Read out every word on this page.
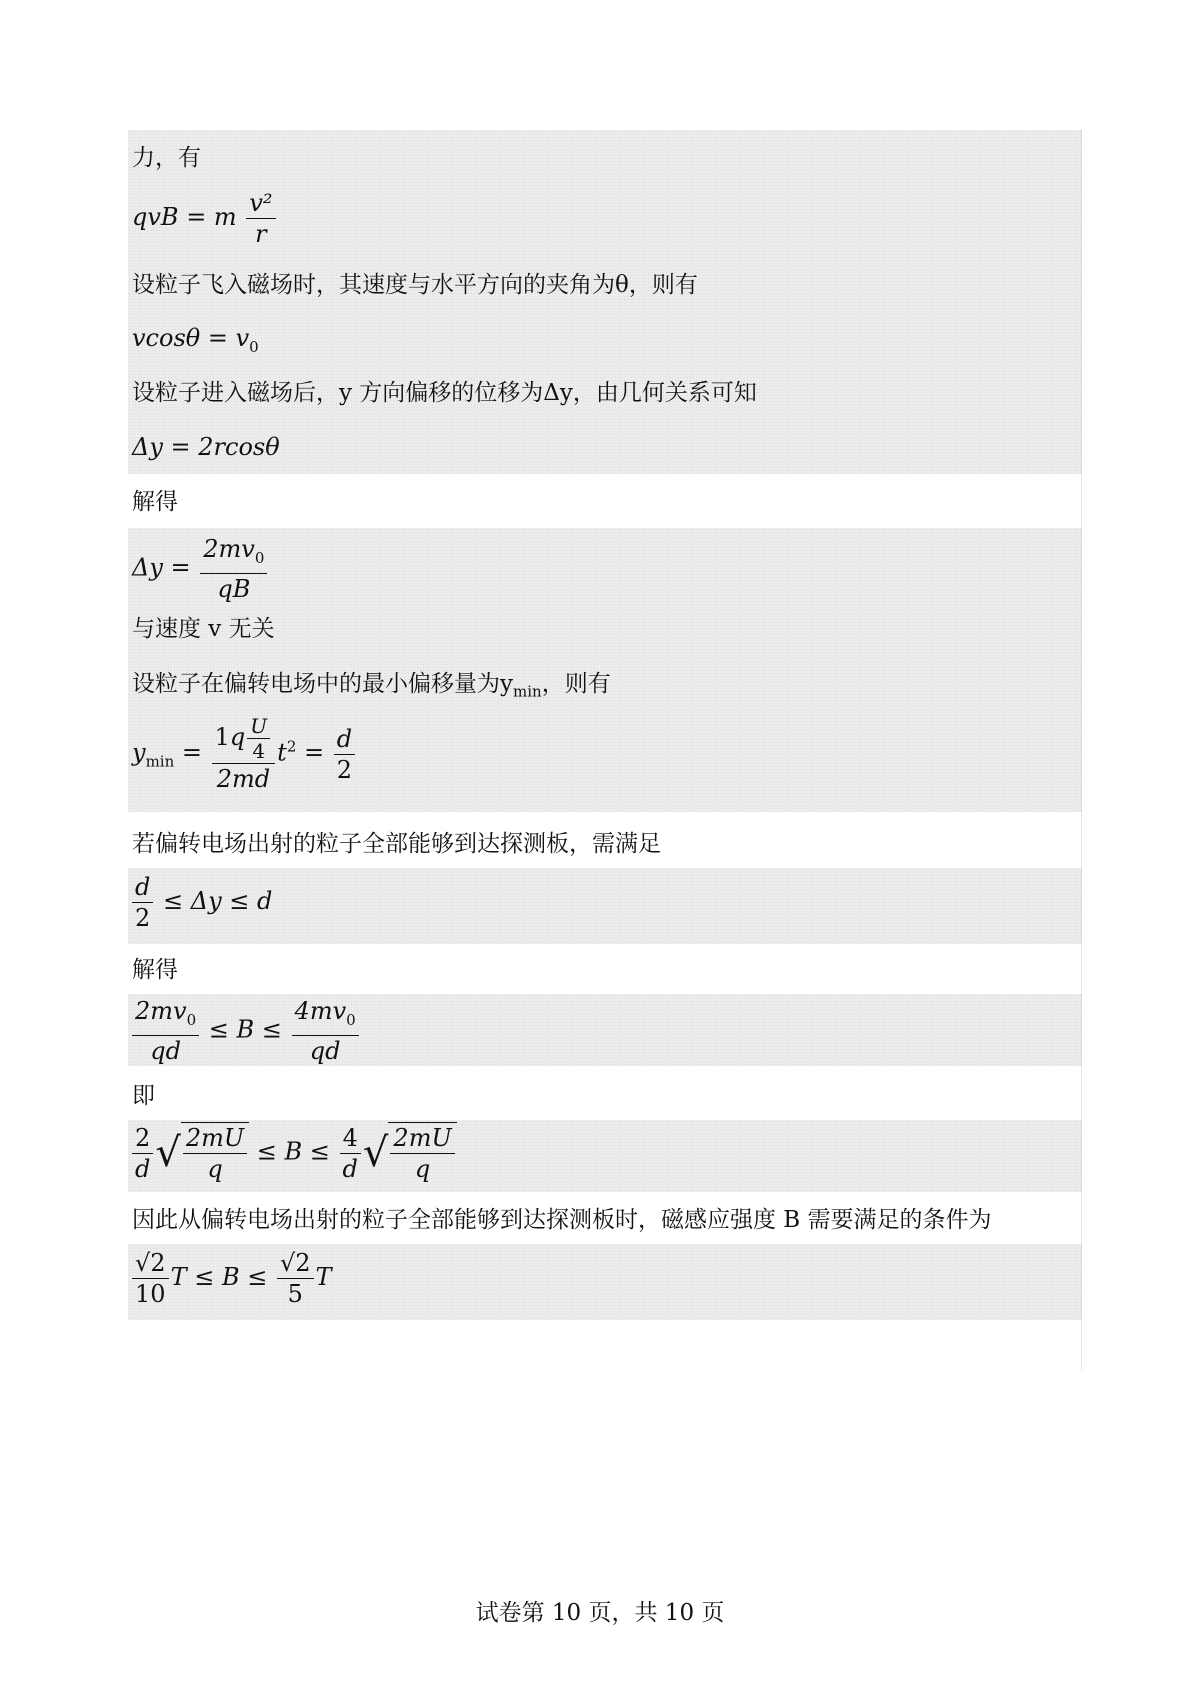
力，有
qvB = m $\frac{\text{v²}}{r}$
设粒子飞入磁场时，其速度与水平方向的夹角为θ，则有
$vcos\theta = v_0$
设粒子进入磁场后，y 方向偏移的位移为Δy，由几何关系可知
Δy = 2rcosθ
解得
$\Delta y = \frac{2mv_0}{qB}$
与速度 v 无关
设粒子在偏转电场中的最小偏移量为$y_{min}$，则有
$y_{min} = \frac{1q \frac{U}{4}}{2md} t^2 = \frac{d}{2}$
若偏转电场出射的粒子全部能够到达探测板，需满足
$\frac{d}{2} \le \Delta y \le d$
解得
$\frac{2mv_0}{qd} \le B \le \frac{4mv_0}{qd}$
即
$\frac{2}{d}$ √ $\frac{2mU}{q} \le B \le \frac{4}{d}$ √ $\frac{2mU}{q}$
因此从偏转电场出射的粒子全部能够到达探测板时，磁感应强度 B 需要满足的条件为
$\frac{√2}{10}$ $T \le B \le \frac{√2}{5}$ T
试卷第 10 页，共 10 页
